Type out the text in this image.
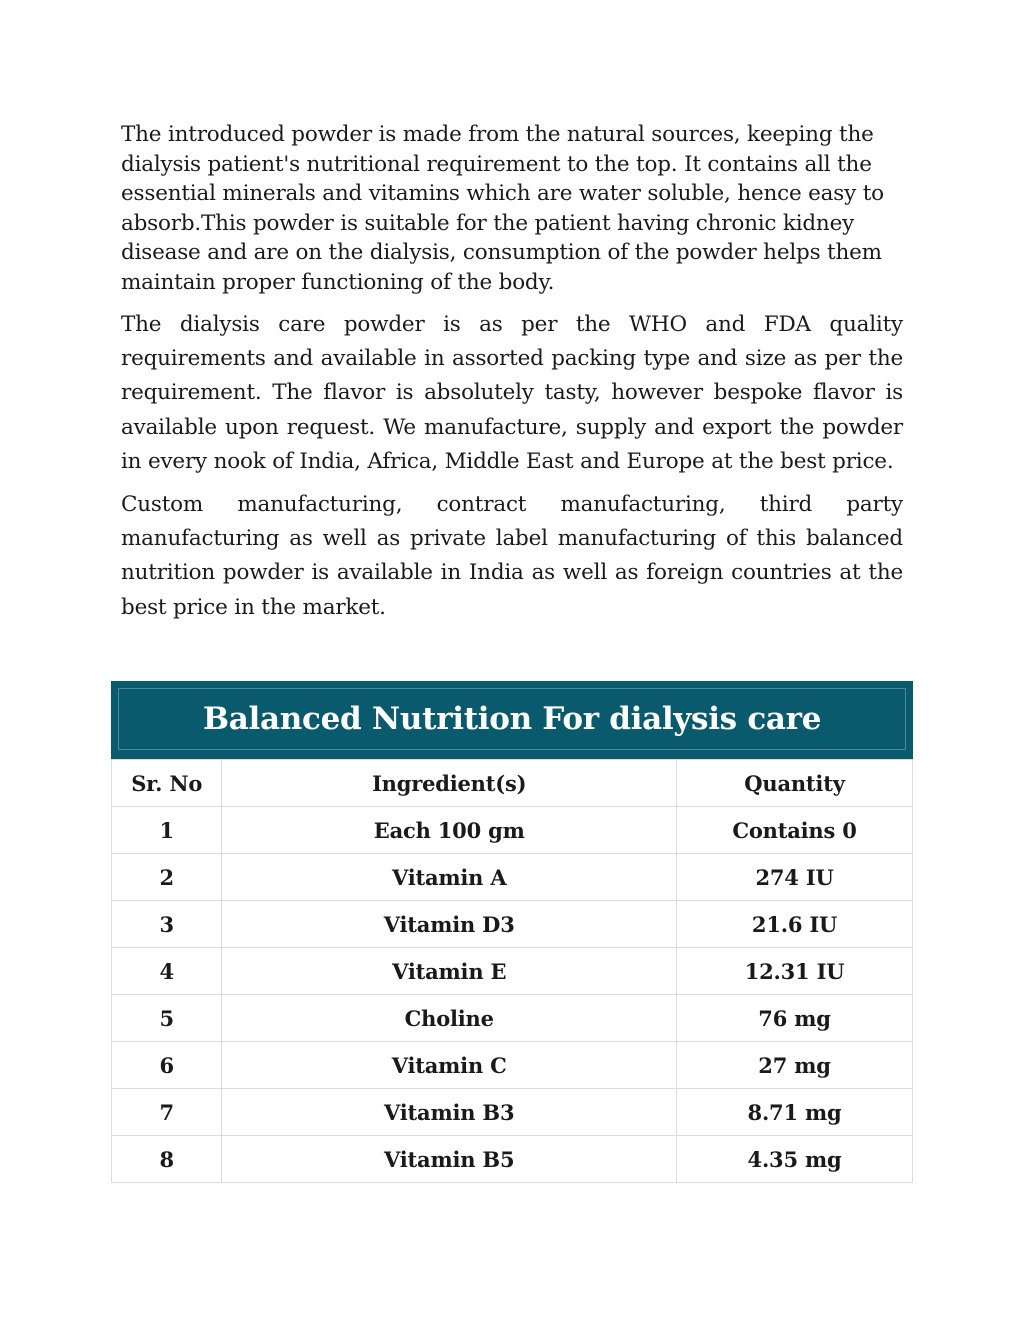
The introduced powder is made from the natural sources, keeping the dialysis patient's nutritional requirement to the top. It contains all the essential minerals and vitamins which are water soluble, hence easy to absorb.This powder is suitable for the patient having chronic kidney disease and are on the dialysis, consumption of the powder helps them maintain proper functioning of the body.

The dialysis care powder is as per the WHO and FDA quality requirements and available in assorted packing type and size as per the requirement. The flavor is absolutely tasty, however bespoke flavor is available upon request. We manufacture, supply and export the powder in every nook of India, Africa, Middle East and Europe at the best price.

Custom manufacturing, contract manufacturing, third party manufacturing as well as private label manufacturing of this balanced nutrition powder is available in India as well as foreign countries at the best price in the market.

Balanced Nutrition For dialysis care
Sr. No	Ingredient(s)	Quantity
1	Each 100 gm	Contains 0
2	Vitamin A	274 IU
3	Vitamin D3	21.6 IU
4	Vitamin E	12.31 IU
5	Choline	76 mg
6	Vitamin C	27 mg
7	Vitamin B3	8.71 mg
8	Vitamin B5	4.35 mg
